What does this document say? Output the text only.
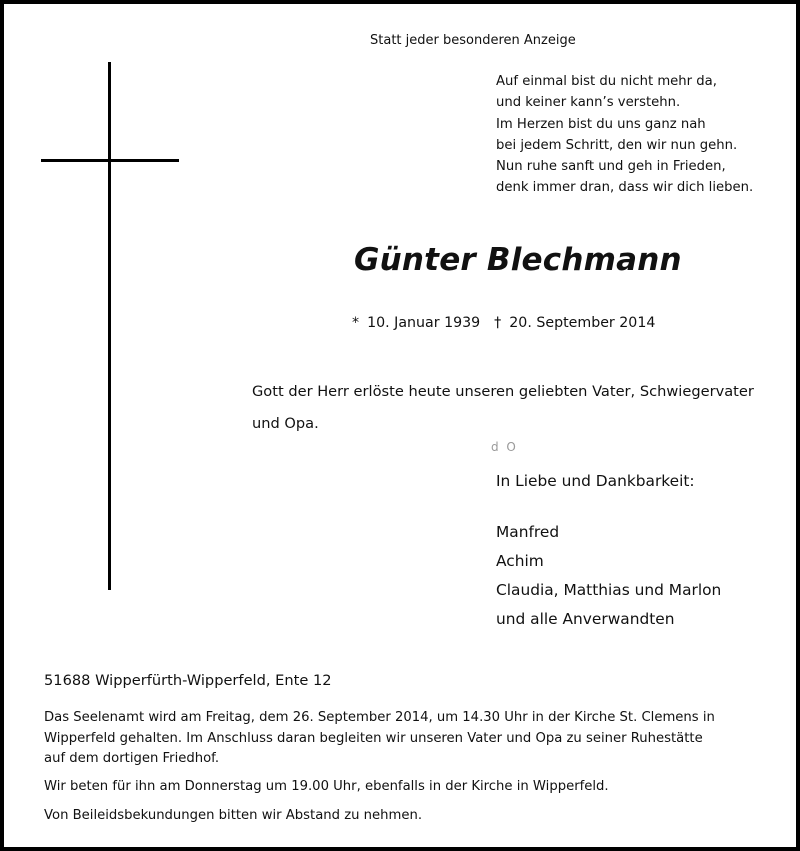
Statt jeder besonderen Anzeige
Auf einmal bist du nicht mehr da,
und keiner kann’s verstehn.
Im Herzen bist du uns ganz nah
bei jedem Schritt, den wir nun gehn.
Nun ruhe sanft und geh in Frieden,
denk immer dran, dass wir dich lieben.
Günter Blechmann
* 10. Januar 1939 † 20. September 2014
Gott der Herr erlöste heute unseren geliebten Vater, Schwiegervater
und Opa.
d O
In Liebe und Dankbarkeit:
Manfred
Achim
Claudia, Matthias und Marlon
und alle Anverwandten
51688 Wipperfürth-Wipperfeld, Ente 12
Das Seelenamt wird am Freitag, dem 26. September 2014, um 14.30 Uhr in der Kirche St. Clemens in
Wipperfeld gehalten. Im Anschluss daran begleiten wir unseren Vater und Opa zu seiner Ruhestätte
auf dem dortigen Friedhof.
Wir beten für ihn am Donnerstag um 19.00 Uhr, ebenfalls in der Kirche in Wipperfeld.
Von Beileidsbekundungen bitten wir Abstand zu nehmen.
